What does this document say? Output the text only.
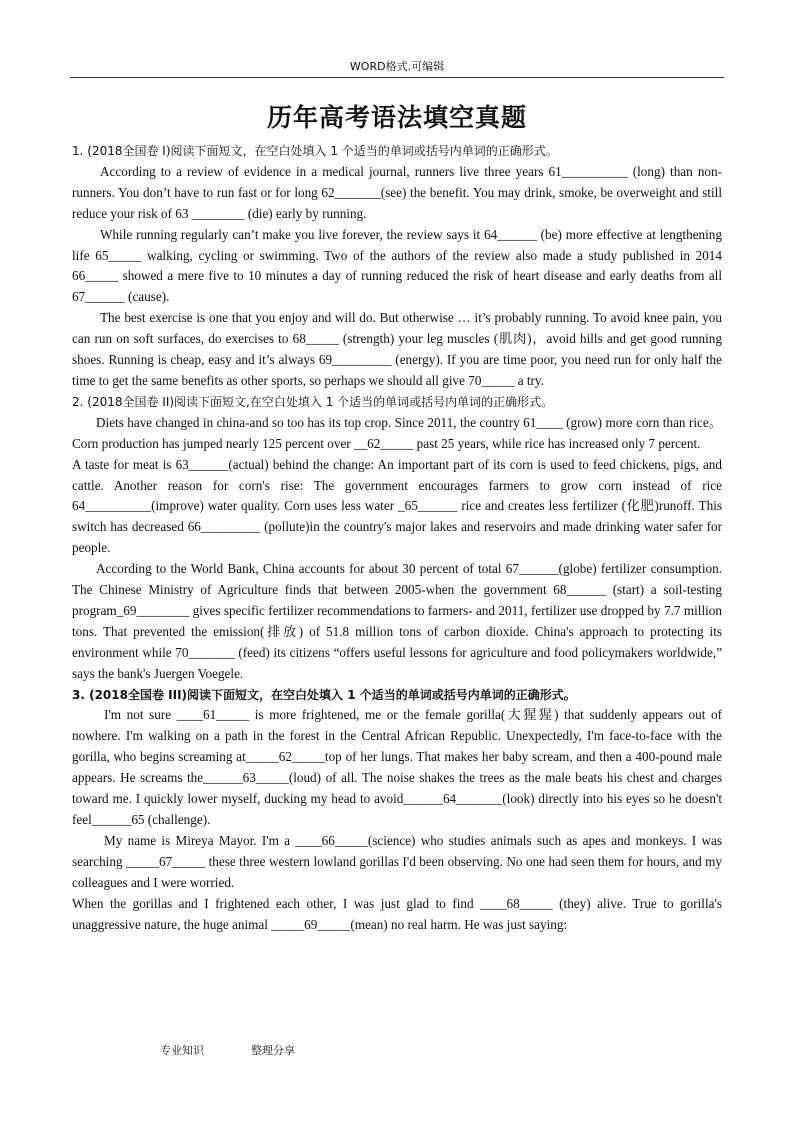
WORD格式.可编辑
历年高考语法填空真题

1. (2018全国卷 I)阅读下面短文，在空白处填入 1 个适当的单词或括号内单词的正确形式。

According to a review of evidence in a medical journal, runners live three years 61__________ (long) than non-runners. You don’t have to run fast or for long 62_______(see) the benefit. You may drink, smoke, be overweight and still reduce your risk of 63 ________ (die) early by running.

While running regularly can’t make you live forever, the review says it 64______ (be) more effective at lengthening life 65_____ walking, cycling or swimming. Two of the authors of the review also made a study published in 2014 66_____ showed a mere five to 10 minutes a day of running reduced the risk of heart disease and early deaths from all 67______ (cause).

The best exercise is one that you enjoy and will do. But otherwise … it’s probably running. To avoid knee pain, you can run on soft surfaces, do exercises to 68_____ (strength) your leg muscles (肌肉)，avoid hills and get good running shoes. Running is cheap, easy and it’s always 69_________ (energy). If you are time poor, you need run for only half the time to get the same benefits as other sports, so perhaps we should all give 70_____ a try.

2. (2018全国卷 II)阅读下面短文,在空白处填入 1 个适当的单词或括号内单词的正确形式。

Diets have changed in china-and so too has its top crop. Since 2011, the country 61____ (grow) more corn than rice。 Corn production has jumped nearly 125 percent over __62_____ past 25 years, while rice has increased only 7 percent.

A taste for meat is 63______(actual) behind the change: An important part of its corn is used to feed chickens, pigs, and cattle. Another reason for corn's rise: The government encourages farmers to grow corn instead of rice 64__________(improve) water quality. Corn uses less water _65______ rice and creates less fertilizer (化肥)runoff. This switch has decreased 66_________ (pollute)in the country's major lakes and reservoirs and made drinking water safer for people.

According to the World Bank, China accounts for about 30 percent of total 67______(globe) fertilizer consumption. The Chinese Ministry of Agriculture finds that between 2005-when the government 68______ (start) a soil-testing program_69________ gives specific fertilizer recommendations to farmers- and 2011, fertilizer use dropped by 7.7 million tons. That prevented the emission(排放) of 51.8 million tons of carbon dioxide. China's approach to protecting its environment while 70_______ (feed) its citizens “offers useful lessons for agriculture and food policymakers worldwide,” says the bank's Juergen Voegele.

3. (2018全国卷 III)阅读下面短文，在空白处填入 1 个适当的单词或括号内单词的正确形式。

I'm not sure ____61_____ is more frightened, me or the female gorilla(大猩猩) that suddenly appears out of nowhere. I'm walking on a path in the forest in the Central African Republic. Unexpectedly, I'm face-to-face with the gorilla, who begins screaming at_____62_____top of her lungs. That makes her baby scream, and then a 400-pound male appears. He screams the______63_____(loud) of all. The noise shakes the trees as the male beats his chest and charges toward me. I quickly lower myself, ducking my head to avoid______64_______(look) directly into his eyes so he doesn't feel______65 (challenge).

My name is Mireya Mayor. I'm a ____66_____(science) who studies animals such as apes and monkeys. I was searching _____67_____ these three western lowland gorillas I'd been observing. No one had seen them for hours, and my colleagues and I were worried.

When the gorillas and I frightened each other, I was just glad to find ____68_____ (they) alive. True to gorilla's unaggressive nature, the huge animal _____69_____(mean) no real harm. He was just saying:

专业知识	整理分享
